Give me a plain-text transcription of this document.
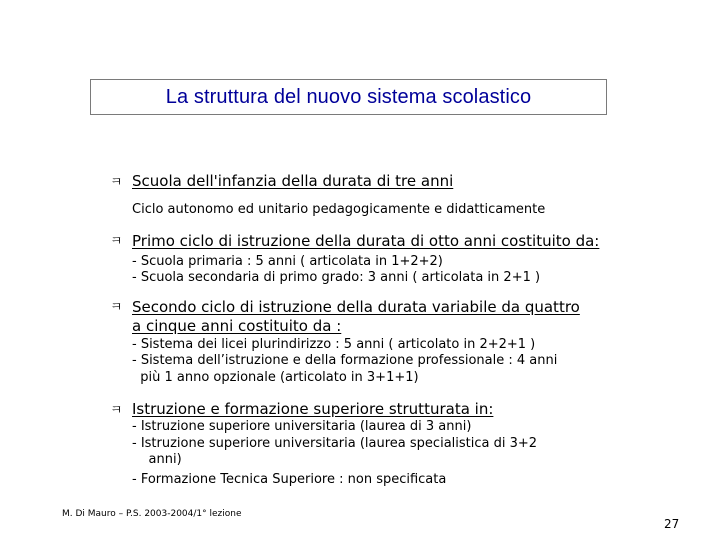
La struttura del nuovo sistema scolastico
ㅋ Scuola dell'infanzia della durata di tre anni
Ciclo autonomo ed unitario pedagogicamente e didatticamente
ㅋ Primo ciclo di istruzione della durata di otto anni costituito da:
- Scuola primaria : 5 anni ( articolata in 1+2+2)
- Scuola secondaria di primo grado: 3 anni ( articolata in 2+1 )
ㅋ Secondo ciclo di istruzione della durata variabile da quattro
a cinque anni costituito da :
- Sistema dei licei plurindirizzo : 5 anni ( articolato in 2+2+1 )
- Sistema dell’istruzione e della formazione professionale : 4 anni
più 1 anno opzionale (articolato in 3+1+1)
ㅋ Istruzione e formazione superiore strutturata in:
- Istruzione superiore universitaria (laurea di 3 anni)
- Istruzione superiore universitaria (laurea specialistica di 3+2
anni)
- Formazione Tecnica Superiore : non specificata
M. Di Mauro – P.S. 2003-2004/1° lezione
27
